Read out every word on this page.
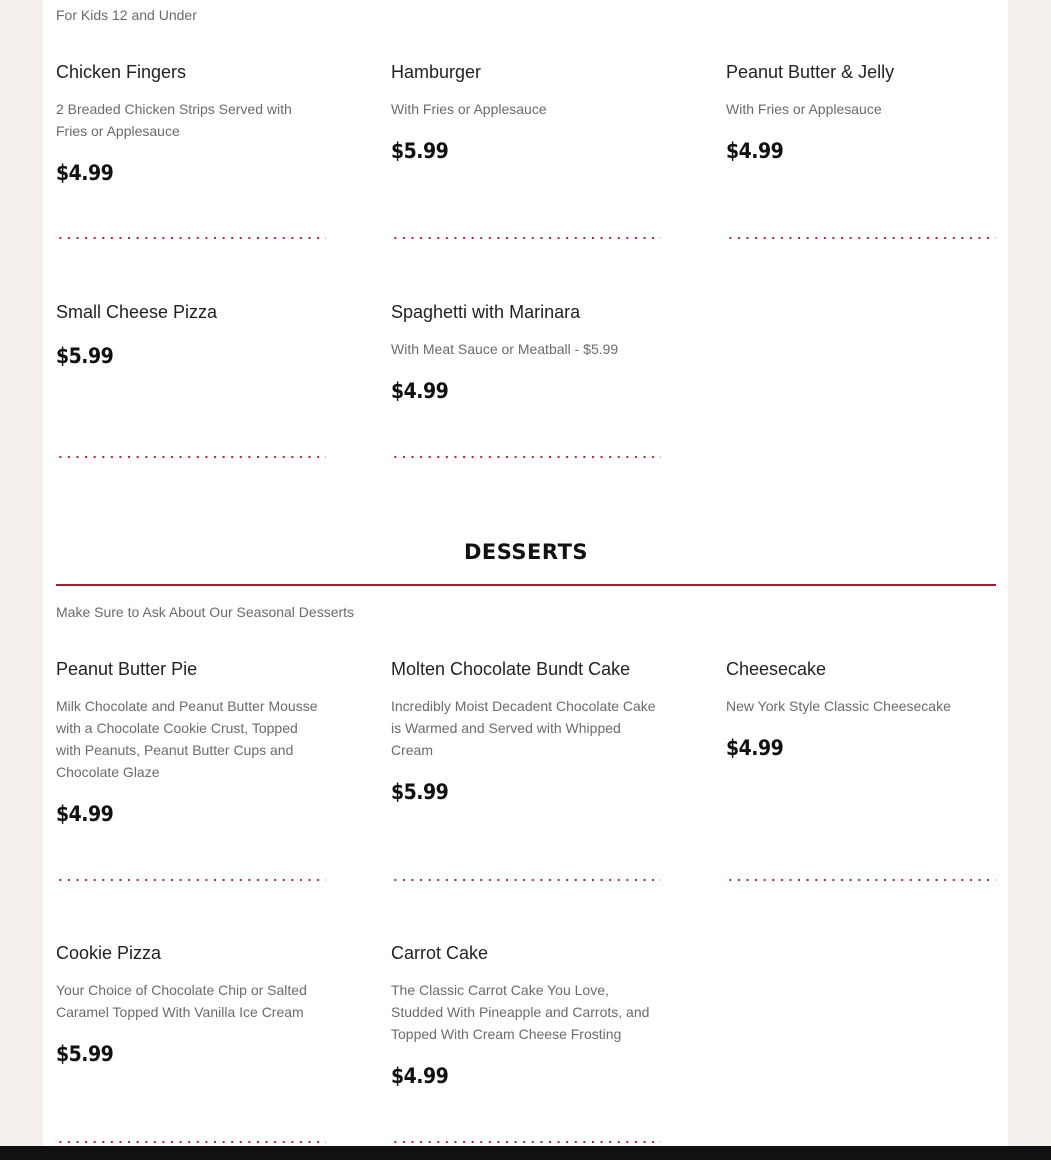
For Kids 12 and Under

Chicken Fingers

2 Breaded Chicken Strips Served with Fries or Applesauce

$4.99

Hamburger

With Fries or Applesauce

$5.99

Peanut Butter & Jelly

With Fries or Applesauce

$4.99

Small Cheese Pizza

$5.99

Spaghetti with Marinara

With Meat Sauce or Meatball - $5.99

$4.99

DESSERTS

Make Sure to Ask About Our Seasonal Desserts

Peanut Butter Pie

Milk Chocolate and Peanut Butter Mousse with a Chocolate Cookie Crust, Topped with Peanuts, Peanut Butter Cups and Chocolate Glaze

$4.99

Molten Chocolate Bundt Cake

Incredibly Moist Decadent Chocolate Cake is Warmed and Served with Whipped Cream

$5.99

Cheesecake

New York Style Classic Cheesecake

$4.99

Cookie Pizza

Your Choice of Chocolate Chip or Salted Caramel Topped With Vanilla Ice Cream

$5.99

Carrot Cake

The Classic Carrot Cake You Love, Studded With Pineapple and Carrots, and Topped With Cream Cheese Frosting

$4.99
